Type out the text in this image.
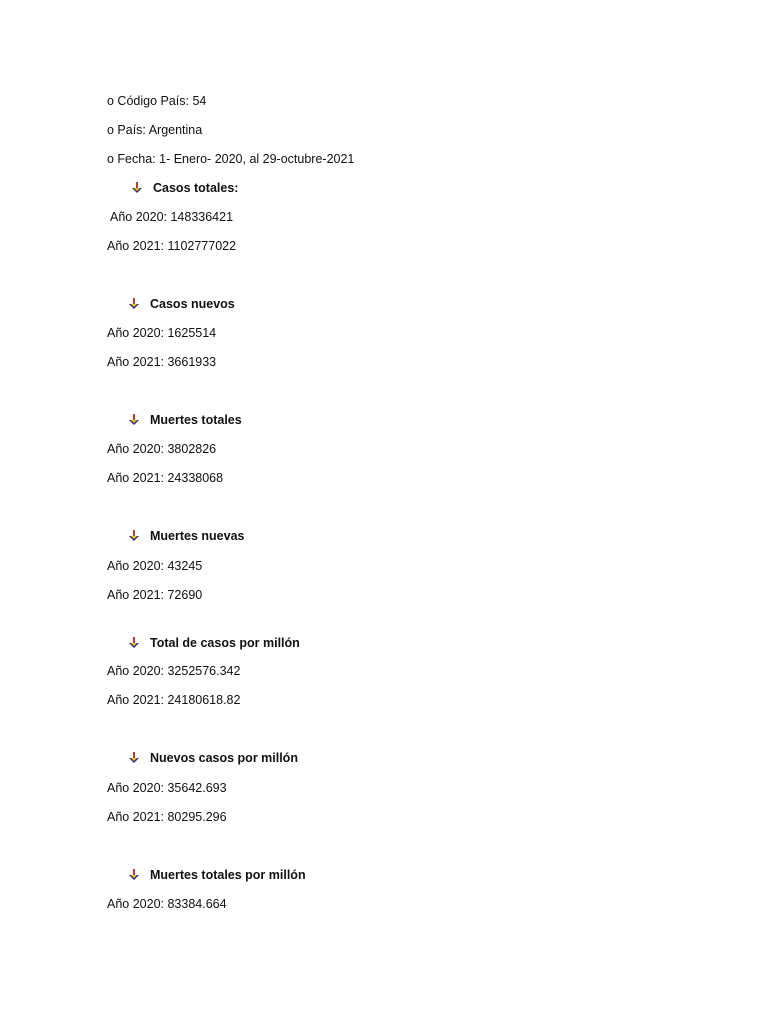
o Código País: 54
o País: Argentina
o Fecha: 1- Enero- 2020, al 29-octubre-2021
Casos totales:
Año 2020: 148336421
Año 2021: 1102777022
Casos nuevos
Año 2020: 1625514
Año 2021: 3661933
Muertes totales
Año 2020: 3802826
Año 2021: 24338068
Muertes nuevas
Año 2020: 43245
Año 2021: 72690
Total de casos por millón
Año 2020: 3252576.342
Año 2021: 24180618.82
Nuevos casos por millón
Año 2020: 35642.693
Año 2021: 80295.296
Muertes totales por millón
Año 2020: 83384.664
